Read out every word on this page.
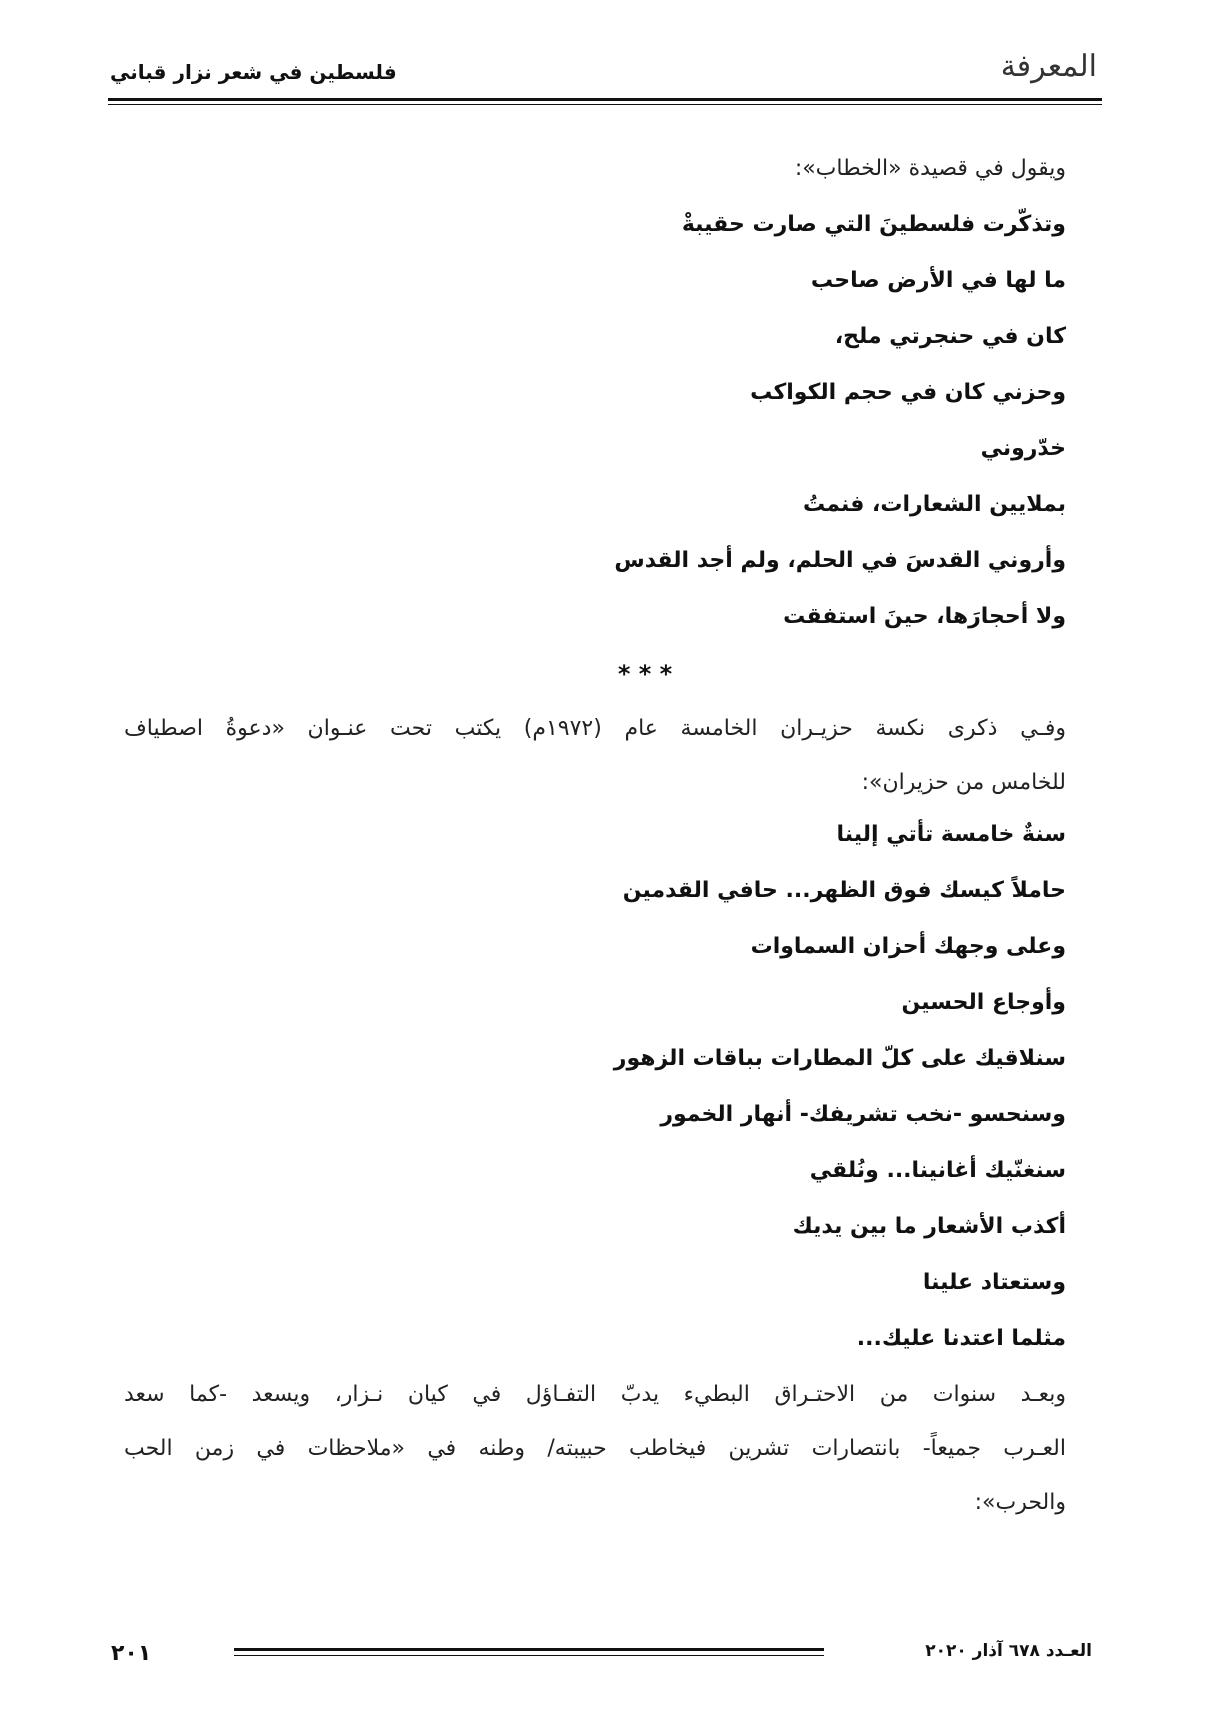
المعرفة
فلسطين في شعر نزار قباني
ويقول في قصيدة «الخطاب»:
وتذكّرت فلسطينَ التي صارت حقيبةْ
ما لها في الأرض صاحب
كان في حنجرتي ملح،
وحزني كان في حجم الكواكب
خدّروني
بملايين الشعارات، فنمتُ
وأروني القدسَ في الحلم، ولم أجد القدس
ولا أحجارَها، حينَ استفقت
* * *
وفـي ذكرى نكسة حزيـران الخامسة عام (١٩٧٢م) يكتب تحت عنـوان «دعوةُ اصطياف
للخامس من حزيران»:
سنةٌ خامسة تأتي إلينا
حاملاً كيسك فوق الظهر... حافي القدمين
وعلى وجهك أحزان السماوات
وأوجاع الحسين
سنلاقيك على كلّ المطارات بباقات الزهور
وسنحسو -نخب تشريفك- أنهار الخمور
سنغنّيك أغانينا... ونُلقي
أكذب الأشعار ما بين يديك
وستعتاد علينا
مثلما اعتدنا عليك...
وبعـد سنوات من الاحتـراق البطيء يدبّ التفـاؤل في كيان نـزار، ويسعد -كما سعد
العـرب جميعاً- بانتصارات تشرين فيخاطب حبيبته/ وطنه في «ملاحظات في زمن الحب
والحرب»:
٢٠١	العـدد ٦٧٨ آذار ٢٠٢٠
